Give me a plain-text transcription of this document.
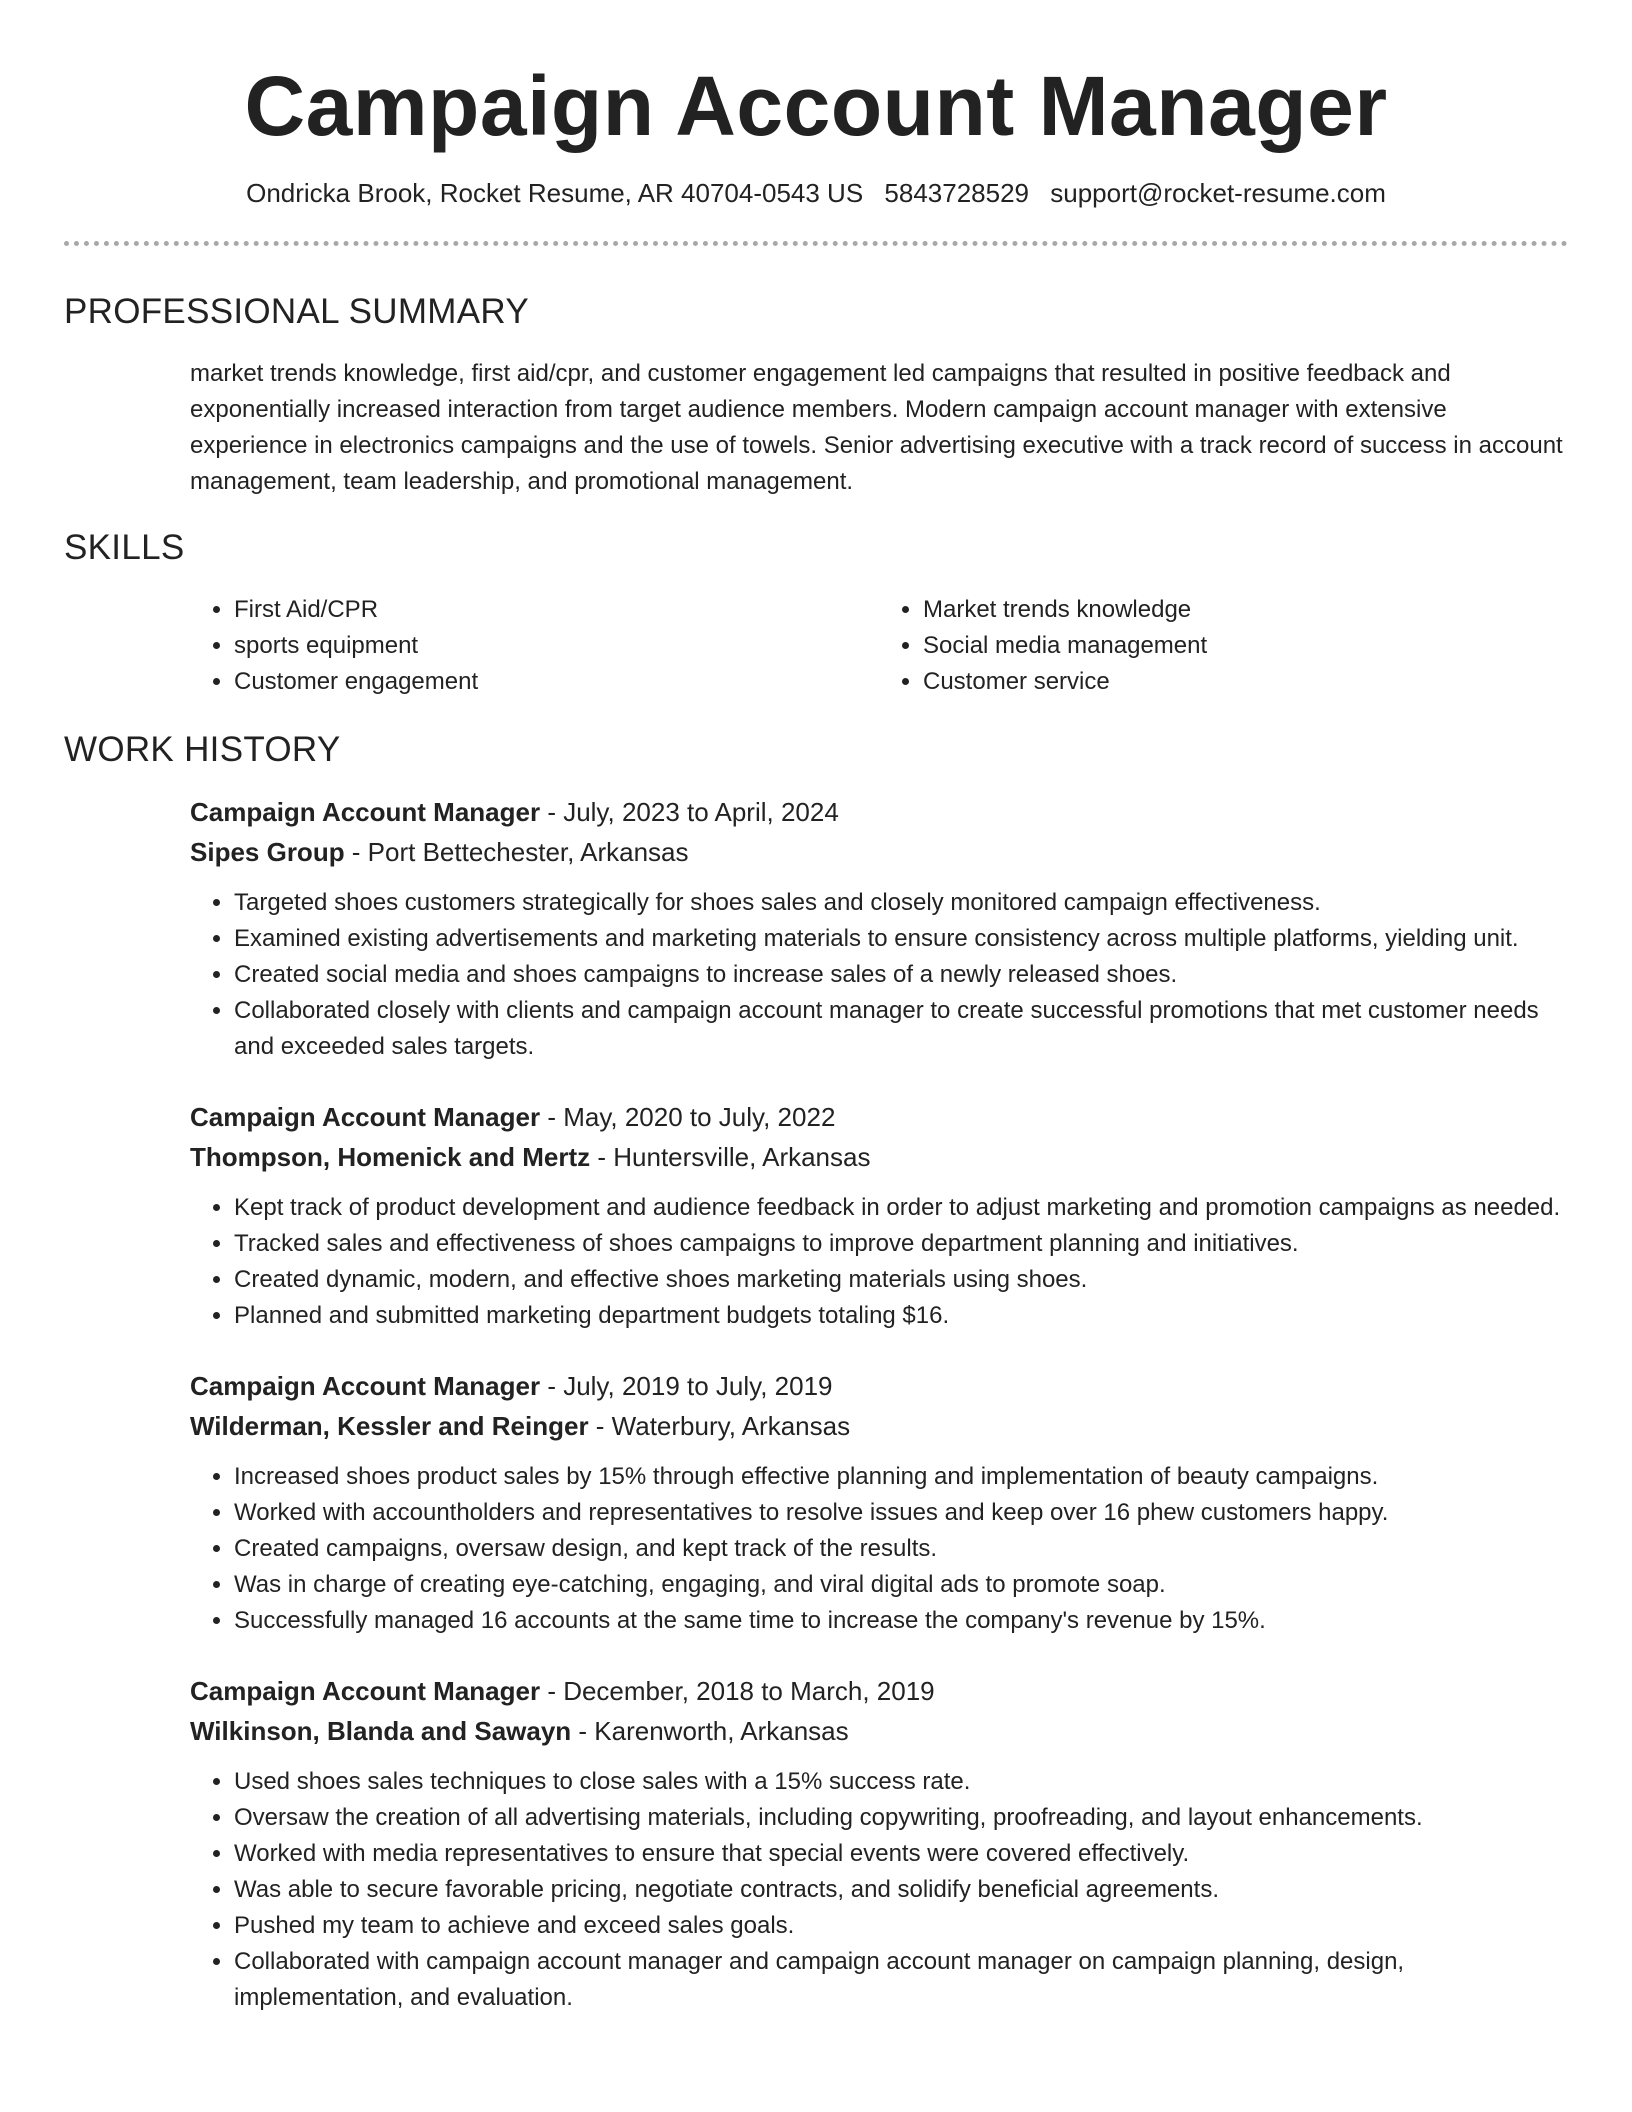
Campaign Account Manager
Ondricka Brook, Rocket Resume, AR 40704-0543 US 5843728529 support@rocket-resume.com
PROFESSIONAL SUMMARY

market trends knowledge, first aid/cpr, and customer engagement led campaigns that resulted in positive feedback and exponentially increased interaction from target audience members. Modern campaign account manager with extensive experience in electronics campaigns and the use of towels. Senior advertising executive with a track record of success in account management, team leadership, and promotional management.

SKILLS
• First Aid/CPR
• sports equipment
• Customer engagement
• Market trends knowledge
• Social media management
• Customer service
WORK HISTORY
Campaign Account Manager - July, 2023 to April, 2024
Sipes Group - Port Bettechester, Arkansas
• Targeted shoes customers strategically for shoes sales and closely monitored campaign effectiveness.
• Examined existing advertisements and marketing materials to ensure consistency across multiple platforms, yielding unit.
• Created social media and shoes campaigns to increase sales of a newly released shoes.
• Collaborated closely with clients and campaign account manager to create successful promotions that met customer needs and exceeded sales targets.
Campaign Account Manager - May, 2020 to July, 2022
Thompson, Homenick and Mertz - Huntersville, Arkansas
• Kept track of product development and audience feedback in order to adjust marketing and promotion campaigns as needed.
• Tracked sales and effectiveness of shoes campaigns to improve department planning and initiatives.
• Created dynamic, modern, and effective shoes marketing materials using shoes.
• Planned and submitted marketing department budgets totaling $16.
Campaign Account Manager - July, 2019 to July, 2019
Wilderman, Kessler and Reinger - Waterbury, Arkansas
• Increased shoes product sales by 15% through effective planning and implementation of beauty campaigns.
• Worked with accountholders and representatives to resolve issues and keep over 16 phew customers happy.
• Created campaigns, oversaw design, and kept track of the results.
• Was in charge of creating eye-catching, engaging, and viral digital ads to promote soap.
• Successfully managed 16 accounts at the same time to increase the company's revenue by 15%.
Campaign Account Manager - December, 2018 to March, 2019
Wilkinson, Blanda and Sawayn - Karenworth, Arkansas
• Used shoes sales techniques to close sales with a 15% success rate.
• Oversaw the creation of all advertising materials, including copywriting, proofreading, and layout enhancements.
• Worked with media representatives to ensure that special events were covered effectively.
• Was able to secure favorable pricing, negotiate contracts, and solidify beneficial agreements.
• Pushed my team to achieve and exceed sales goals.
• Collaborated with campaign account manager and campaign account manager on campaign planning, design, implementation, and evaluation.
